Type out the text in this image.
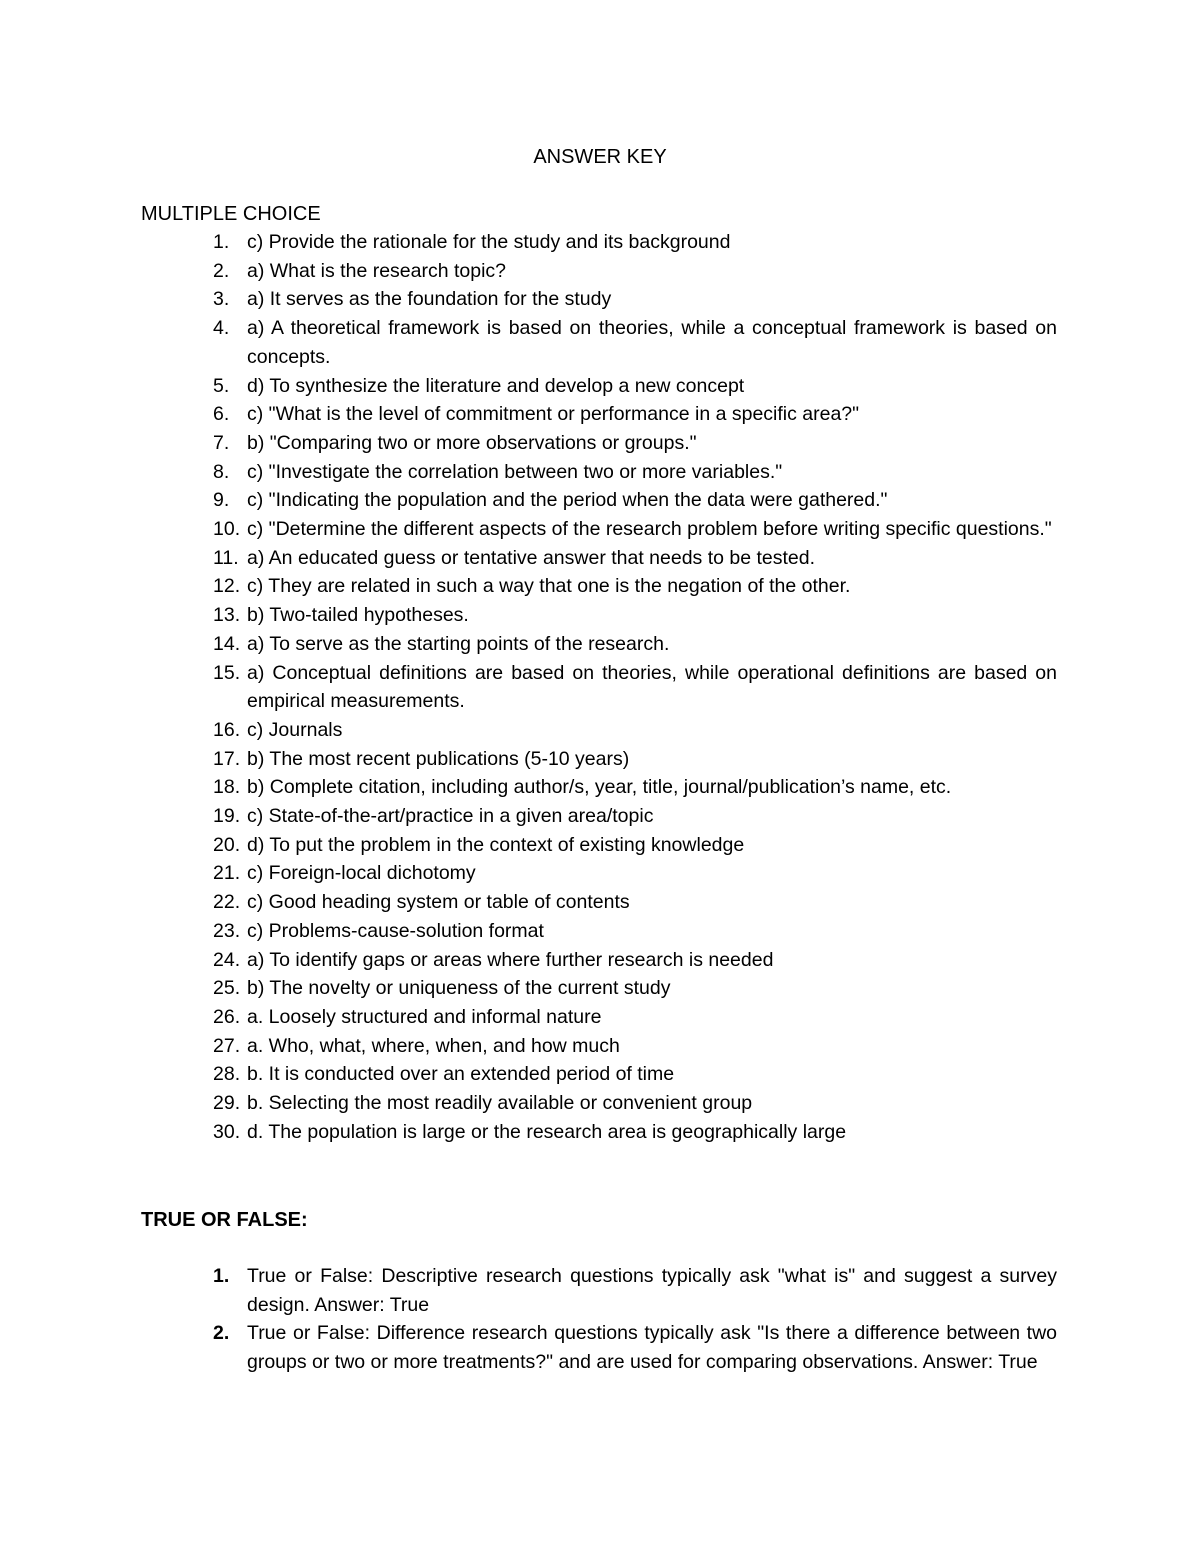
ANSWER KEY
MULTIPLE CHOICE
1. c) Provide the rationale for the study and its background
2. a) What is the research topic?
3. a) It serves as the foundation for the study
4. a) A theoretical framework is based on theories, while a conceptual framework is based on concepts.
5. d) To synthesize the literature and develop a new concept
6. c) "What is the level of commitment or performance in a specific area?"
7. b) "Comparing two or more observations or groups."
8. c) "Investigate the correlation between two or more variables."
9. c) "Indicating the population and the period when the data were gathered."
10. c) "Determine the different aspects of the research problem before writing specific questions."
11. a) An educated guess or tentative answer that needs to be tested.
12. c) They are related in such a way that one is the negation of the other.
13. b) Two-tailed hypotheses.
14. a) To serve as the starting points of the research.
15. a) Conceptual definitions are based on theories, while operational definitions are based on empirical measurements.
16. c) Journals
17. b) The most recent publications (5-10 years)
18. b) Complete citation, including author/s, year, title, journal/publication’s name, etc.
19. c) State-of-the-art/practice in a given area/topic
20. d) To put the problem in the context of existing knowledge
21. c) Foreign-local dichotomy
22. c) Good heading system or table of contents
23. c) Problems-cause-solution format
24. a) To identify gaps or areas where further research is needed
25. b) The novelty or uniqueness of the current study
26. a. Loosely structured and informal nature
27. a. Who, what, where, when, and how much
28. b. It is conducted over an extended period of time
29. b. Selecting the most readily available or convenient group
30. d. The population is large or the research area is geographically large
TRUE OR FALSE:
1. True or False: Descriptive research questions typically ask "what is" and suggest a survey design. Answer: True
2. True or False: Difference research questions typically ask "Is there a difference between two groups or two or more treatments?" and are used for comparing observations. Answer: True
